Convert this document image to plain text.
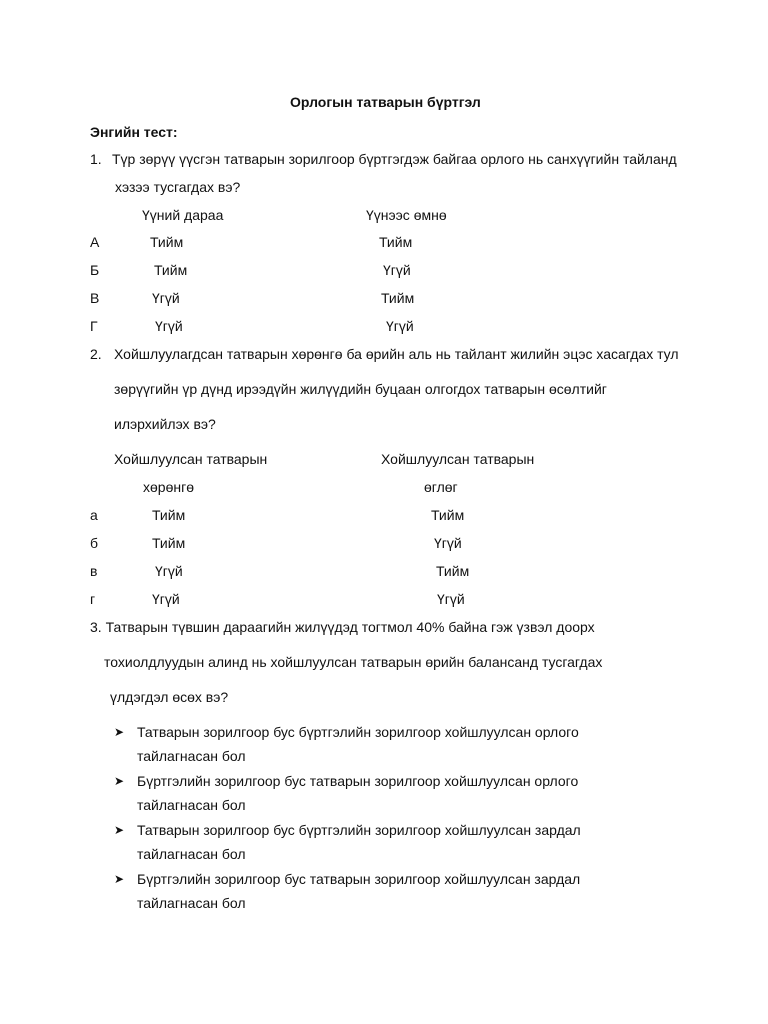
Орлогын татварын бүртгэл
Энгийн тест:
1. Түр зөрүү үүсгэн татварын зорилгоор бүртгэгдэж байгаа орлого нь санхүүгийн тайланд
хэзээ тусгагдах вэ?
Үүний дараа	Үүнээс өмнө
А	Тийм	Тийм
Б	Тийм	Үгүй
В	Үгүй	Тийм
Г	Үгүй	Үгүй
2. Хойшлуулагдсан татварын хөрөнгө ба өрийн аль нь тайлант жилийн эцэс хасагдах тул
зөрүүгийн үр дүнд ирээдүйн жилүүдийн буцаан олгогдох татварын өсөлтийг
илэрхийлэх вэ?
Хойшлуулсан татварын	Хойшлуулсан татварын
хөрөнгө	өглөг
а	Тийм	Тийм
б	Тийм	Үгүй
в	Үгүй	Тийм
г	Үгүй	Үгүй
3. Татварын түвшин дараагийн жилүүдэд тогтмол 40% байна гэж үзвэл доорх
тохиолдлуудын алинд нь хойшлуулсан татварын өрийн балансанд тусгагдах
үлдэгдэл өсөх вэ?
➤ Татварын зорилгоор бус бүртгэлийн зорилгоор хойшлуулсан орлого
тайлагнасан бол
➤ Бүртгэлийн зорилгоор бус татварын зорилгоор хойшлуулсан орлого
тайлагнасан бол
➤ Татварын зорилгоор бус бүртгэлийн зорилгоор хойшлуулсан зардал
тайлагнасан бол
➤ Бүртгэлийн зорилгоор бус татварын зорилгоор хойшлуулсан зардал
тайлагнасан бол
